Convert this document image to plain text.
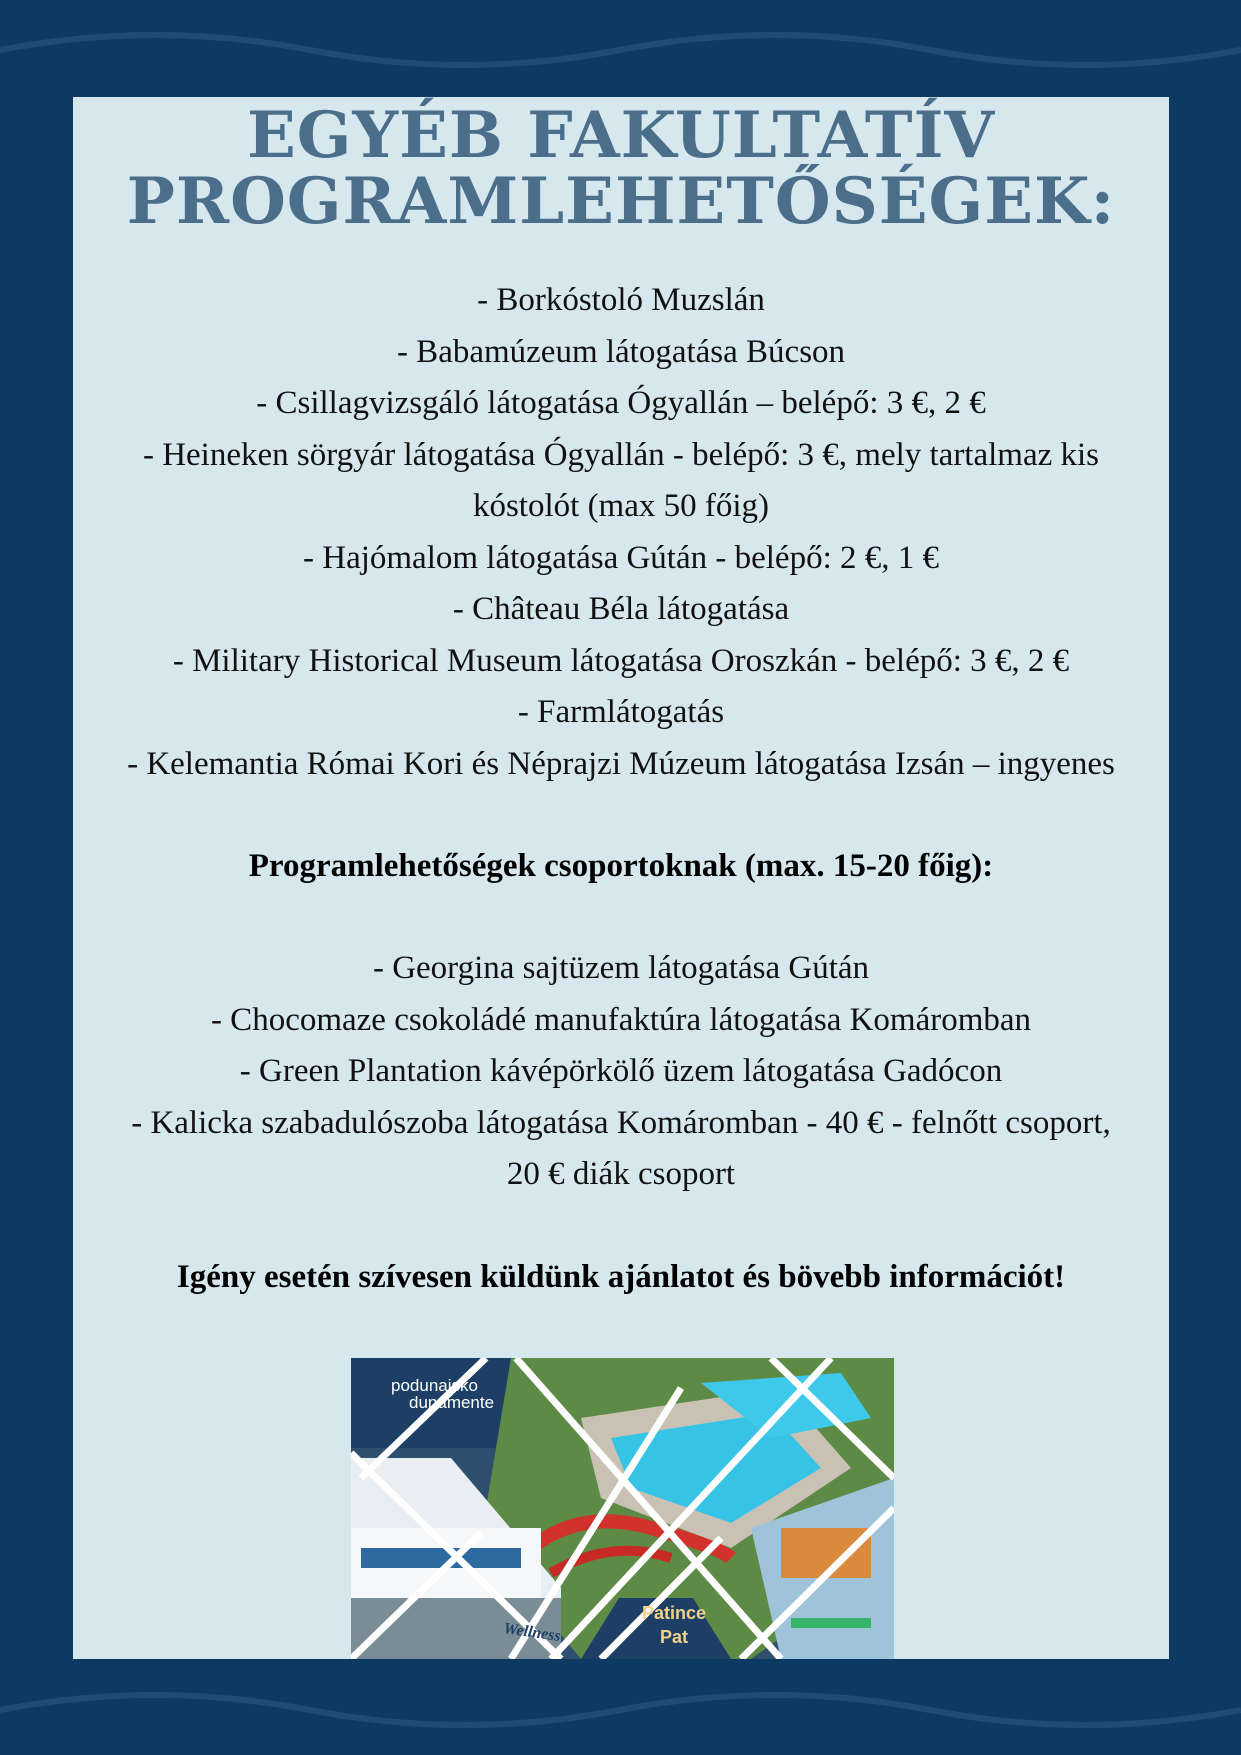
EGYÉB FAKULTATÍV
PROGRAMLEHETŐSÉGEK:
- Borkóstoló Muzslán
- Babamúzeum látogatása Búcson
- Csillagvizsgáló látogatása Ógyallán – belépő: 3 €, 2 €
- Heineken sörgyár látogatása Ógyallán - belépő: 3 €, mely tartalmaz kis kóstolót (max 50 főig)
- Hajómalom látogatása Gútán - belépő: 2 €, 1 €
- Château Béla látogatása
- Military Historical Museum látogatása Oroszkán - belépő: 3 €, 2 €
- Farmlátogatás
- Kelemantia Római Kori és Néprajzi Múzeum látogatása Izsán – ingyenes
Programlehetőségek csoportoknak (max. 15-20 főig):
- Georgina sajtüzem látogatása Gútán
- Chocomaze csokoládé manufaktúra látogatása Komáromban
- Green Plantation kávépörkölő üzem látogatása Gadócon
- Kalicka szabadulószoba látogatása Komáromban - 40 € - felnőtt csoport, 20 € diák csoport
Igény esetén szívesen küldünk ajánlatot és bövebb információt!
podunajsko
dunamente
Wellness
Patince
Pat
